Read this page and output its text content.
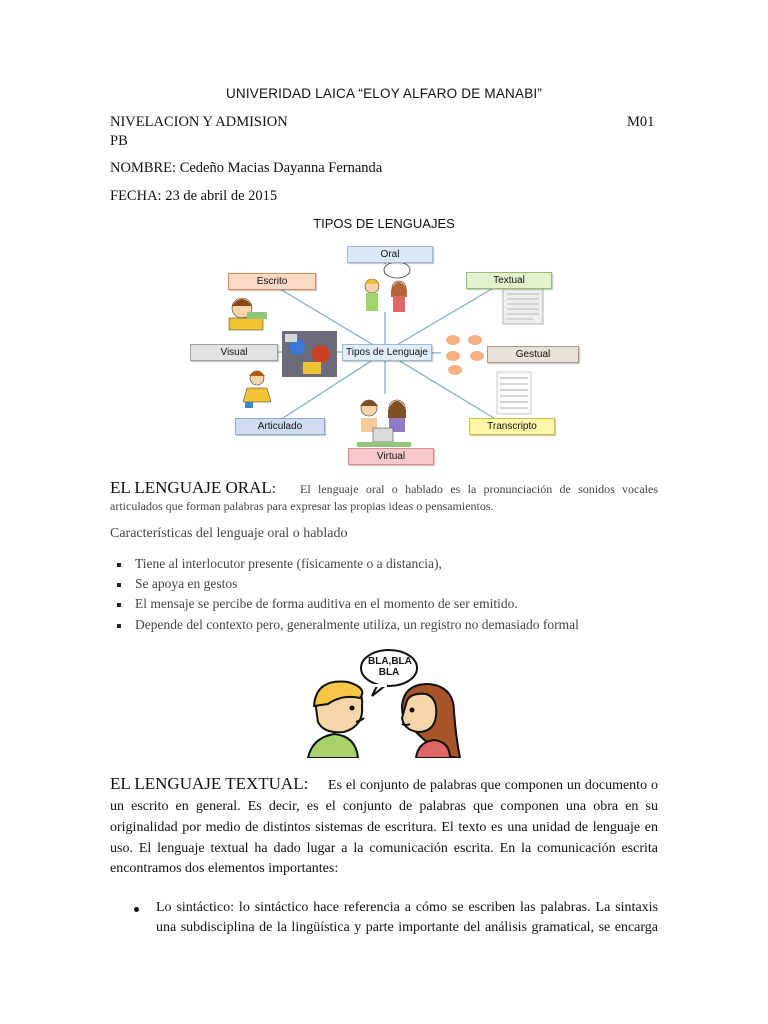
UNIVERIDAD LAICA “ELOY ALFARO DE MANABI”
NIVELACION Y ADMISION	M01
PB
NOMBRE: Cedeño Macias Dayanna Fernanda
FECHA: 23 de abril de 2015
TIPOS DE LENGUAJES
Oral
Escrito	Textual
Visual	Tipos de Lenguaje	Gestual
Articulado	Transcripto
Virtual
EL LENGUAJE ORAL: El lenguaje oral o hablado es la pronunciación de sonidos vocales
articulados que forman palabras para expresar las propias ideas o pensamientos.
Características del lenguaje oral o hablado
Tiene al interlocutor presente (físicamente o a distancia),
Se apoya en gestos
El mensaje se percibe de forma auditiva en el momento de ser emitido.
Depende del contexto pero, generalmente utiliza, un registro no demasiado formal
BLA,BLA BLA
EL LENGUAJE TEXTUAL: Es el conjunto de palabras que componen un documento o
un escrito en general. Es decir, es el conjunto de palabras que componen una obra en su
originalidad por medio de distintos sistemas de escritura. El texto es una unidad de lenguaje en
uso. El lenguaje textual ha dado lugar a la comunicación escrita. En la comunicación escrita
encontramos dos elementos importantes:
Lo sintáctico: lo sintáctico hace referencia a cómo se escriben las palabras. La sintaxis
una subdisciplina de la lingüística y parte importante del análisis gramatical, se encarga
